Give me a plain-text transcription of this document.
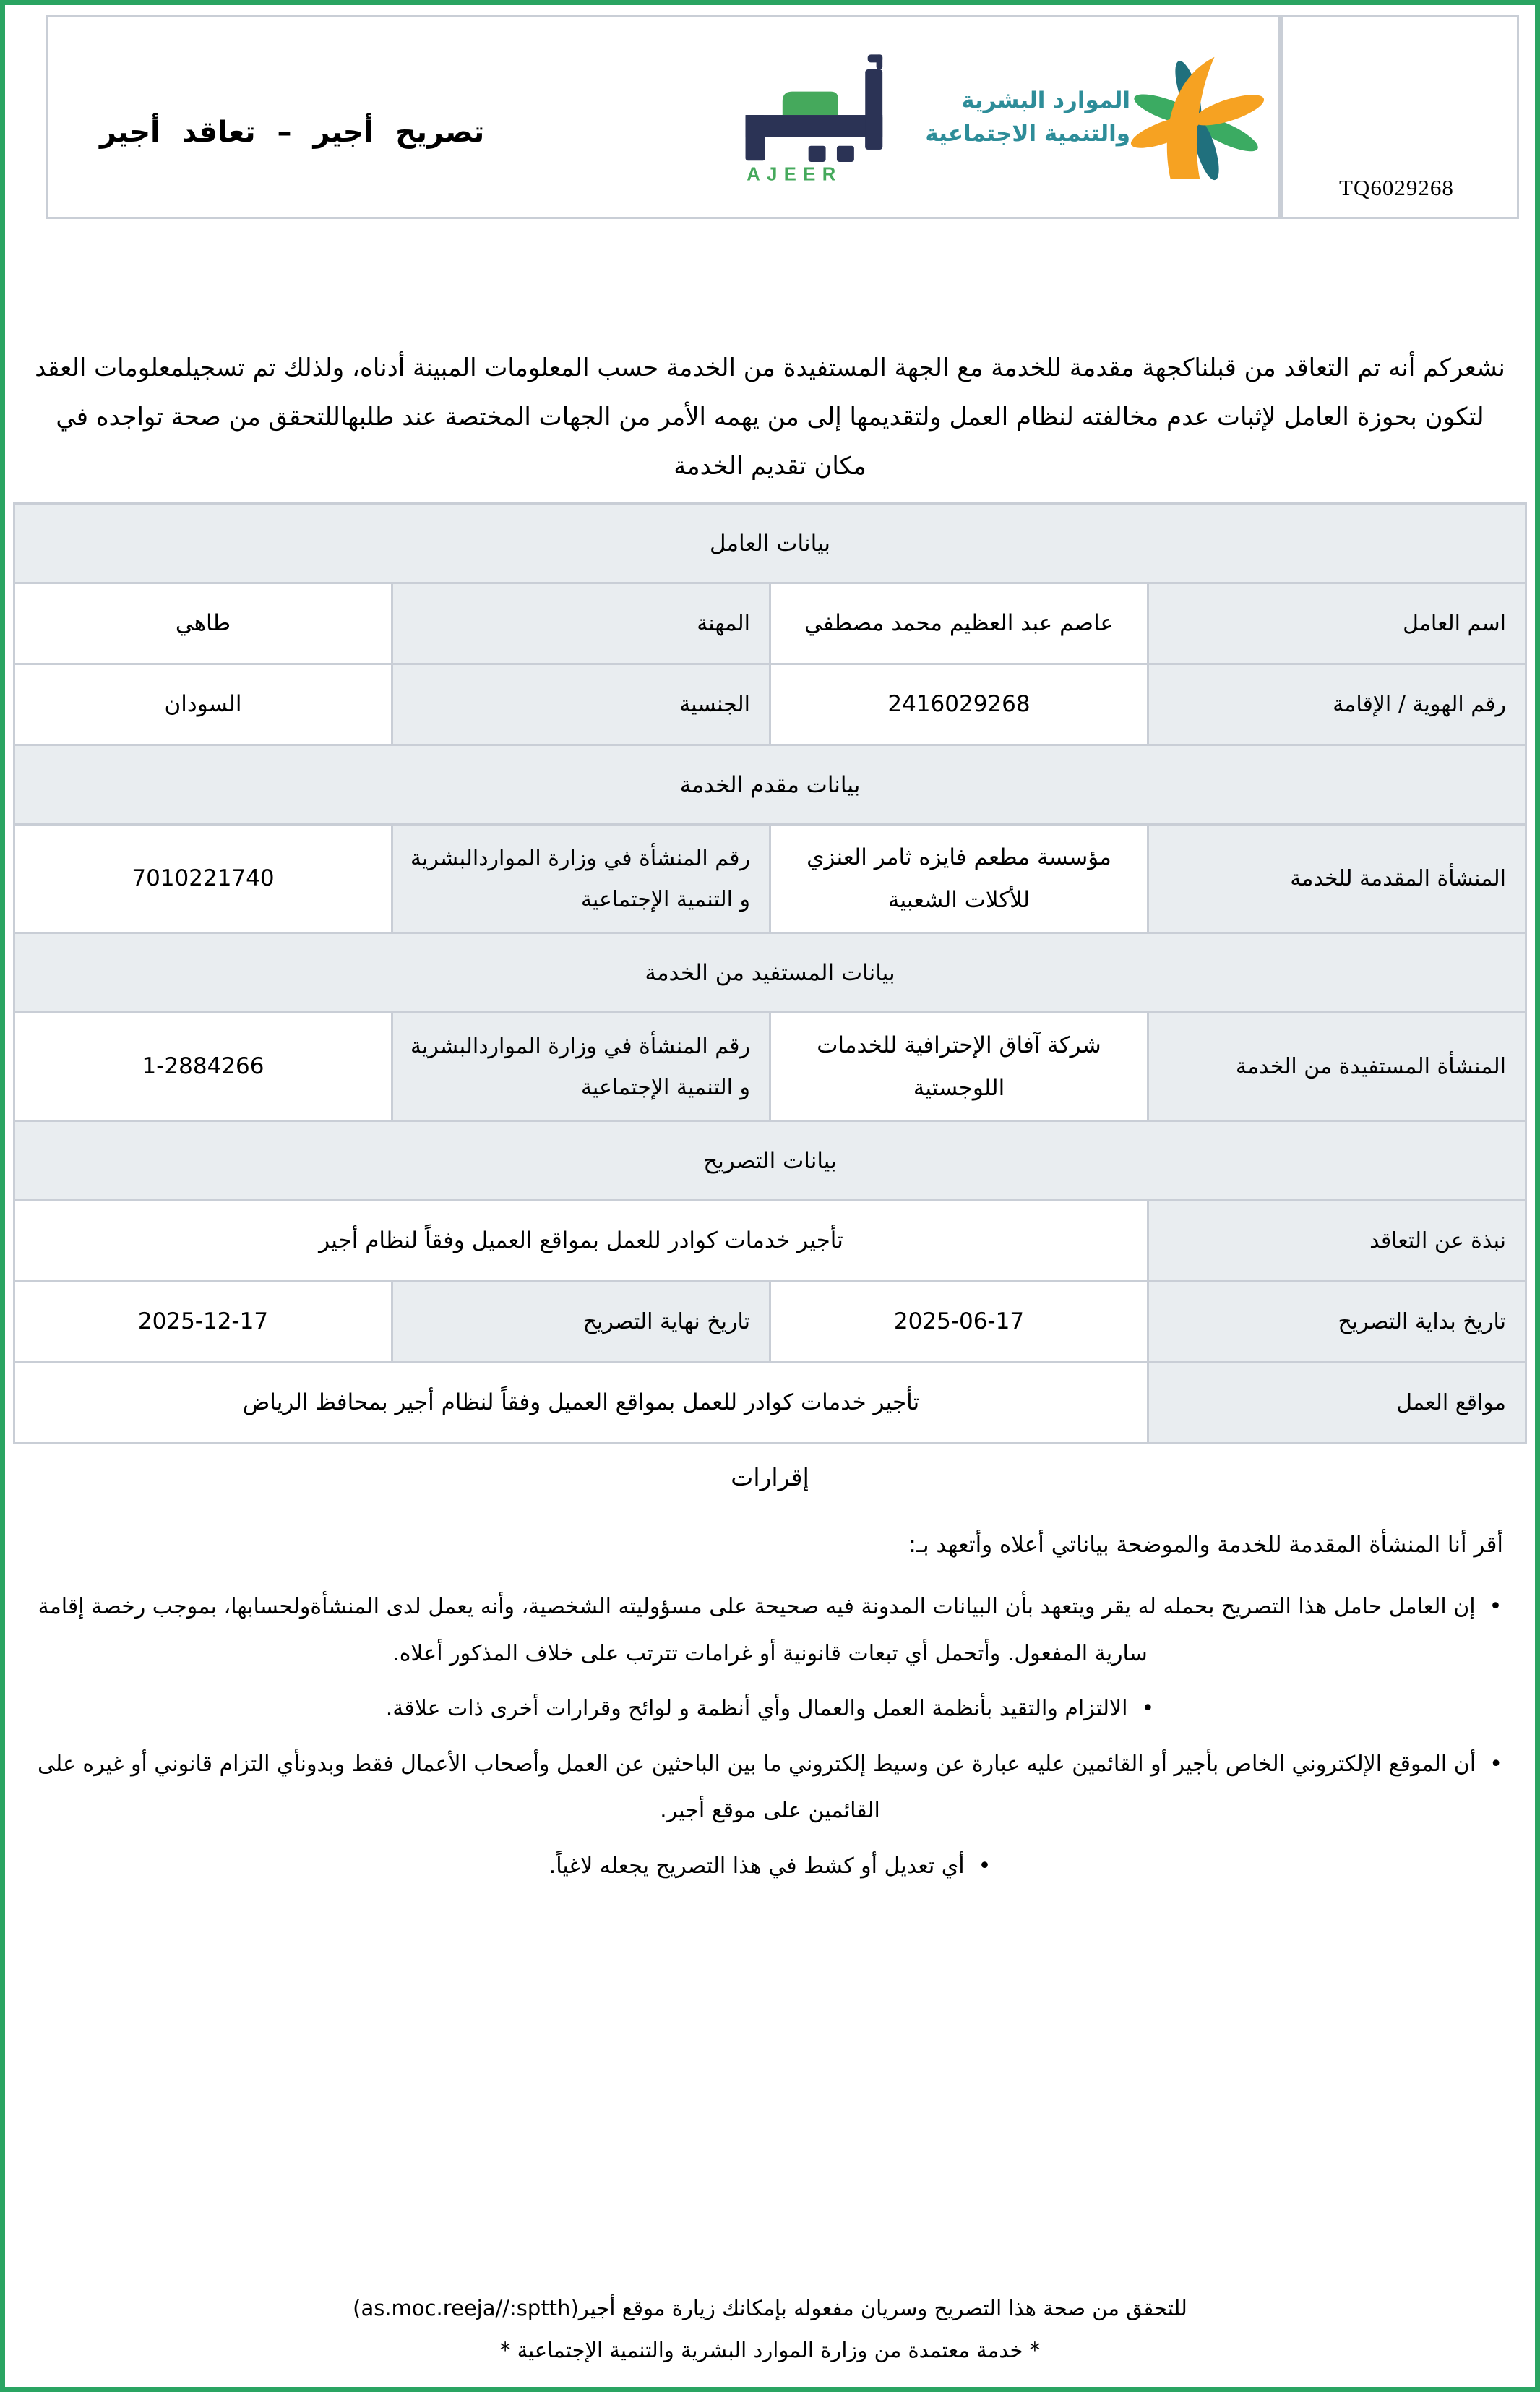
TQ6029268
تصريح أجير – تعاقد أجير
AJEER
الموارد البشرية
والتنمية الاجتماعية

نشعركم أنه تم التعاقد من قبلناكجهة مقدمة للخدمة مع الجهة المستفيدة من الخدمة حسب المعلومات المبينة أدناه، ولذلك تم تسجيلمعلومات العقد لتكون بحوزة العامل لإثبات عدم مخالفته لنظام العمل ولتقديمها إلى من يهمه الأمر من الجهات المختصة عند طلبهاللتحقق من صحة تواجده في مكان تقديم الخدمة

بيانات العامل			
اسم العامل	عاصم عبد العظيم محمد مصطفي	المهنة	طاهي
رقم الهوية / الإقامة	2416029268	الجنسية	السودان
بيانات مقدم الخدمة			
المنشأة المقدمة للخدمة	مؤسسة مطعم فايزه ثامر العنزي للأكلات الشعبية	رقم المنشأة في وزارة المواردالبشرية و التنمية الإجتماعية	7010221740
بيانات المستفيد من الخدمة			
المنشأة المستفيدة من الخدمة	شركة آفاق الإحترافية للخدمات اللوجستية	رقم المنشأة في وزارة المواردالبشرية و التنمية الإجتماعية	1-2884266
بيانات التصريح			
نبذة عن التعاقد	تأجير خدمات كوادر للعمل بمواقع العميل وفقاً لنظام أجير		
تاريخ بداية التصريح	2025-06-17	تاريخ نهاية التصريح	2025-12-17
مواقع العمل	تأجير خدمات كوادر للعمل بمواقع العميل وفقاً لنظام أجير بمحافظ الرياض		
إقرارات

أقر أنا المنشأة المقدمة للخدمة والموضحة بياناتي أعلاه وأتعهد بـ:

•  إن العامل حامل هذا التصريح بحمله له يقر ويتعهد بأن البيانات المدونة فيه صحيحة على مسؤوليته الشخصية، وأنه يعمل لدى المنشأةولحسابها، بموجب رخصة إقامة سارية المفعول. وأتحمل أي تبعات قانونية أو غرامات تترتب على خلاف المذكور أعلاه.
•  الالتزام والتقيد بأنظمة العمل والعمال وأي أنظمة و لوائح وقرارات أخرى ذات علاقة.
•  أن الموقع الإلكتروني الخاص بأجير أو القائمين عليه عبارة عن وسيط إلكتروني ما بين الباحثين عن العمل وأصحاب الأعمال فقط وبدونأي التزام قانوني أو غيره على القائمين على موقع أجير.
•  أي تعديل أو كشط في هذا التصريح يجعله لاغياً.
للتحقق من صحة هذا التصريح وسريان مفعوله بإمكانك زيارة موقع أجير(as.moc.reeja//:sptth)
* خدمة معتمدة من وزارة الموارد البشرية والتنمية الإجتماعية *
